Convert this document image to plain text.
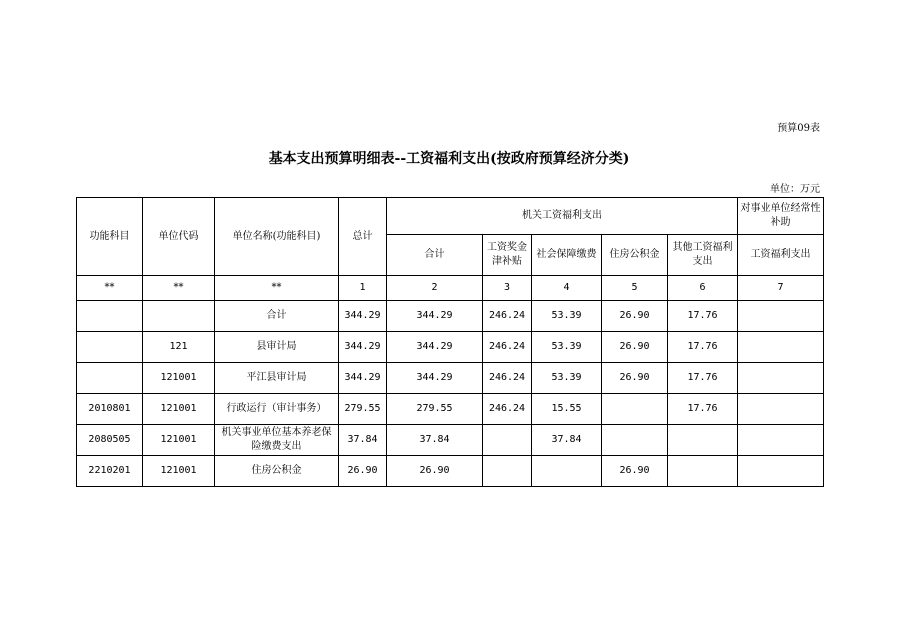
预算09表
基本支出预算明细表--工资福利支出(按政府预算经济分类)
单位：万元
功能科目	单位代码	单位名称(功能科目)	总计	机关工资福利支出					对事业单位经常性补助
				合计	工资奖金津补贴	社会保障缴费	住房公积金	其他工资福利支出	工资福利支出
**	**	**	1	2	3	4	5	6	7
		合计	344.29	344.29	246.24	53.39	26.90	17.76	
	121	县审计局	344.29	344.29	246.24	53.39	26.90	17.76	
	121001	平江县审计局	344.29	344.29	246.24	53.39	26.90	17.76	
2010801	121001	行政运行（审计事务）	279.55	279.55	246.24	15.55		17.76	
2080505	121001	机关事业单位基本养老保险缴费支出	37.84	37.84		37.84			
2210201	121001	住房公积金	26.90	26.90			26.90		
